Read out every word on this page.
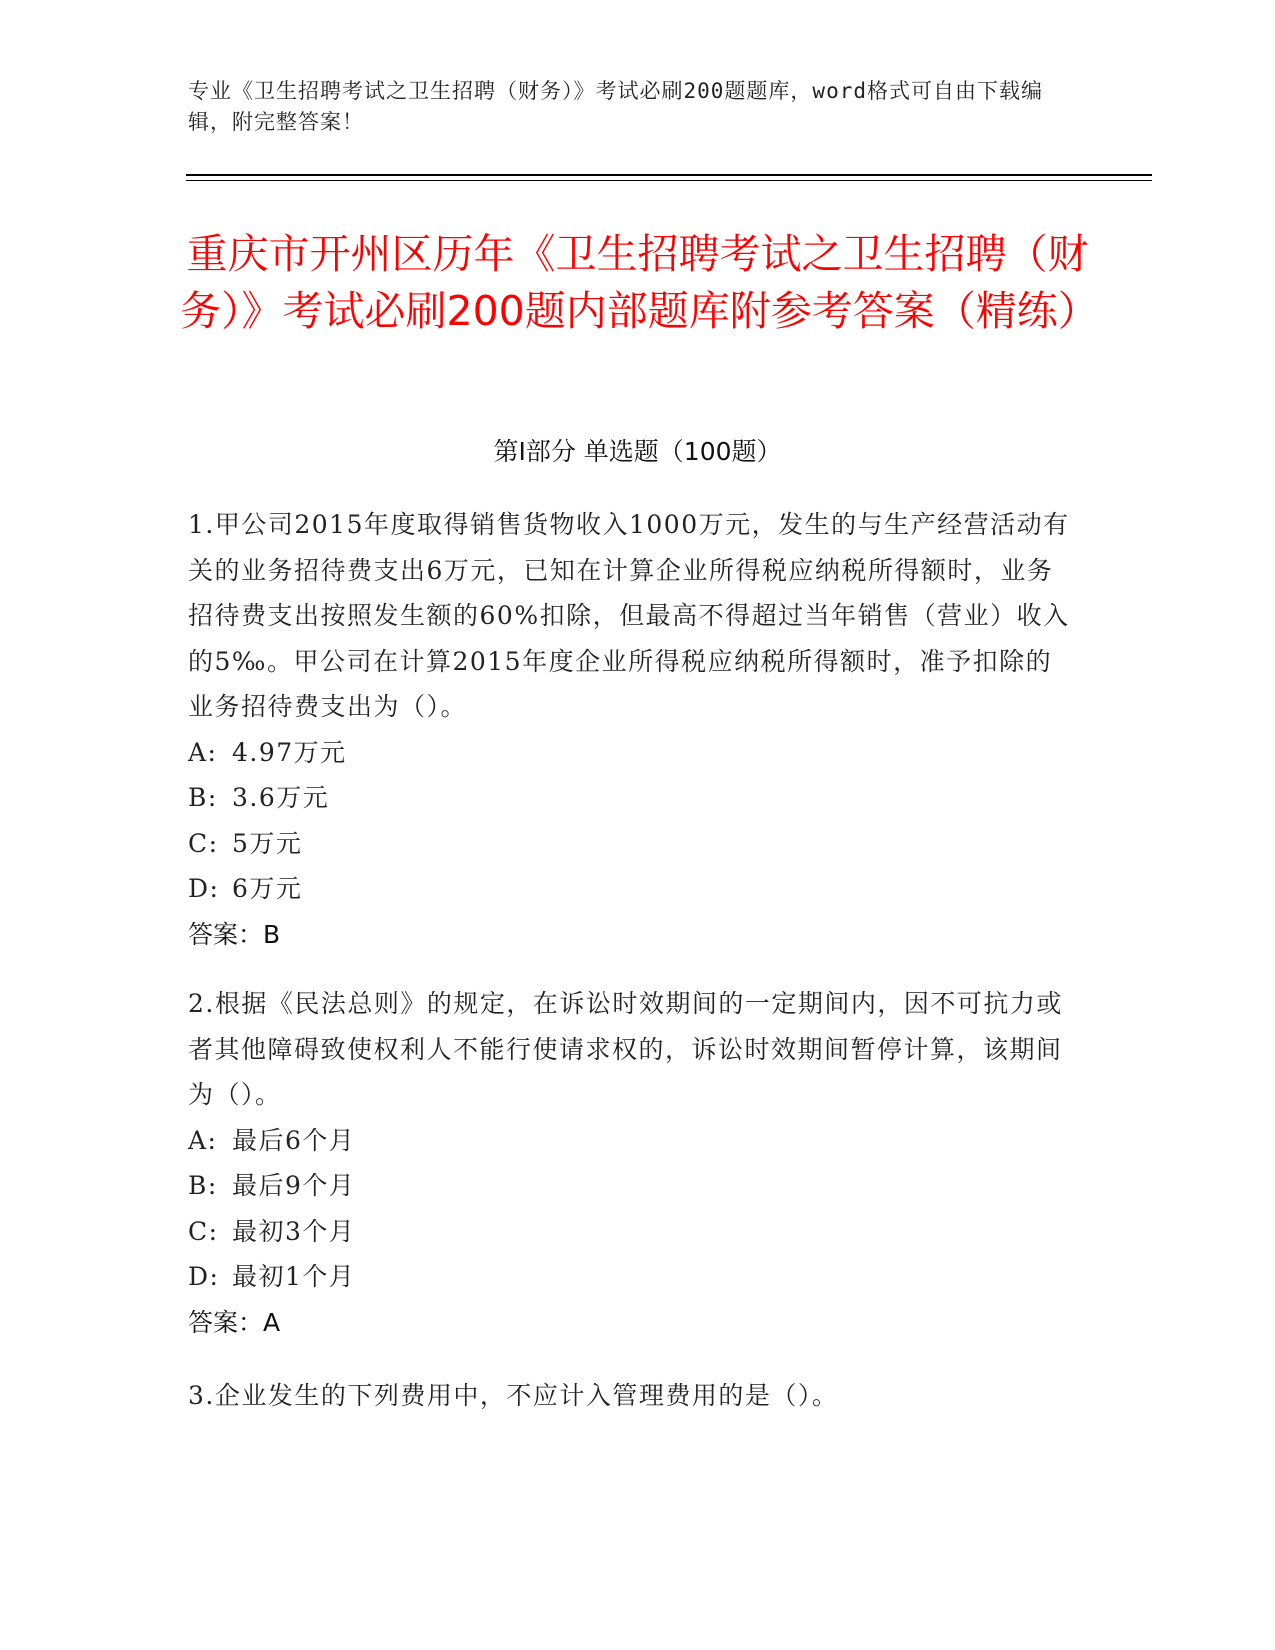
专业《卫生招聘考试之卫生招聘（财务）》考试必刷200题题库，word格式可自由下载编辑，附完整答案！
重庆市开州区历年《卫生招聘考试之卫生招聘（财务）》考试必刷200题内部题库附参考答案（精练）
第I部分 单选题（100题）

1.甲公司2015年度取得销售货物收入1000万元，发生的与生产经营活动有关的业务招待费支出6万元，已知在计算企业所得税应纳税所得额时，业务招待费支出按照发生额的60%扣除，但最高不得超过当年销售（营业）收入的5‰。甲公司在计算2015年度企业所得税应纳税所得额时，准予扣除的业务招待费支出为（）。

A: 4.97万元

B: 3.6万元

C: 5万元

D: 6万元

答案：B

2.根据《民法总则》的规定，在诉讼时效期间的一定期间内，因不可抗力或者其他障碍致使权利人不能行使请求权的，诉讼时效期间暂停计算，该期间为（）。

A: 最后6个月

B: 最后9个月

C: 最初3个月

D: 最初1个月

答案：A

3.企业发生的下列费用中，不应计入管理费用的是（）。
